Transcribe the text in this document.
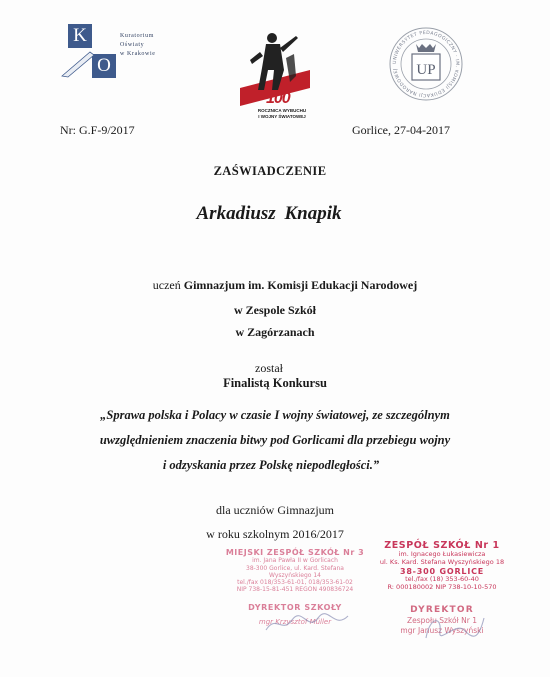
K
O
Kuratorium
Oświaty
w Krakowie
100
ROCZNICA WYBUCHU
I WOJNY ŚWIATOWEJ
UNIWERSYTET PEDAGOGICZNY · IM. KOMISJI EDUKACJI NARODOWEJ	UP
Nr: G.F-9/2017	Gorlice, 27-04-2017
ZAŚWIADCZENIE
Arkadiusz Knapik
uczeń Gimnazjum im. Komisji Edukacji Narodowej
w Zespole Szkół
w Zagórzanach
został
Finalistą Konkursu
„Sprawa polska i Polacy w czasie I wojny światowej, ze szczególnym
uwzględnieniem znaczenia bitwy pod Gorlicami dla przebiegu wojny
i odzyskania przez Polskę niepodległości.”
dla uczniów Gimnazjum
w roku szkolnym 2016/2017
MIEJSKI ZESPÓŁ SZKÓŁ Nr 3
im. Jana Pawła II w Gorlicach
38-300 Gorlice, ul. Kard. Stefana Wyszyńskiego 14
tel./fax 018/353-61-01, 018/353-61-02
NIP 738-15-81-451 REGON 490836724
DYREKTOR SZKOŁY
mgr Krzysztof Müller
ZESPÓŁ SZKÓŁ Nr 1
im. Ignacego Łukasiewicza
ul. Ks. Kard. Stefana Wyszyńskiego 18
38-300 GORLICE
tel./fax (18) 353-60-40
R: 000180002 NIP 738-10-10-570
DYREKTOR
Zespołu Szkół Nr 1
mgr Janusz Wyszyński
